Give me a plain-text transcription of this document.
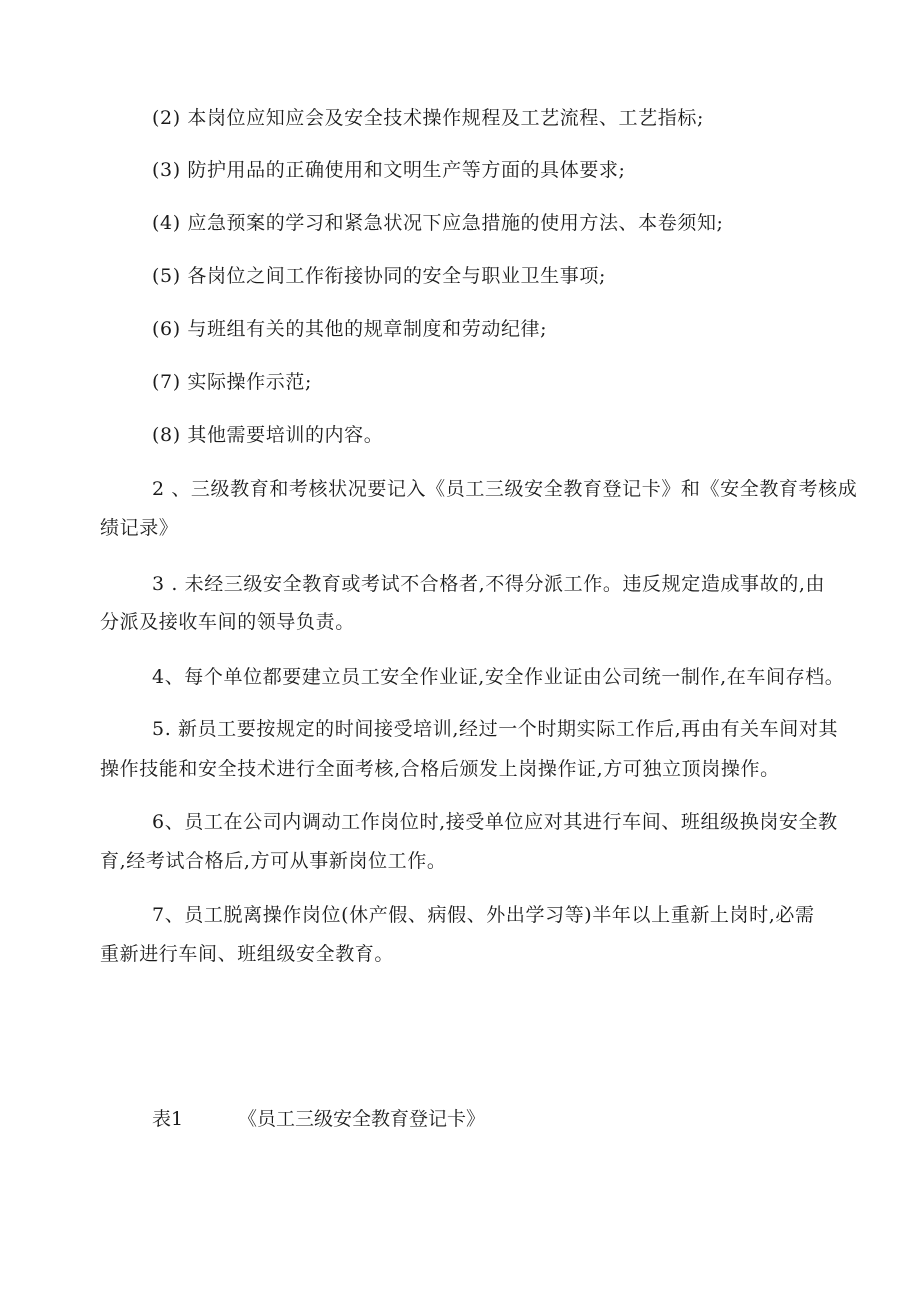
(2) 本岗位应知应会及安全技术操作规程及工艺流程、工艺指标;
(3) 防护用品的正确使用和文明生产等方面的具体要求;
(4) 应急预案的学习和紧急状况下应急措施的使用方法、本卷须知;
(5) 各岗位之间工作衔接协同的安全与职业卫生事项;
(6) 与班组有关的其他的规章制度和劳动纪律;
(7) 实际操作示范;
(8) 其他需要培训的内容。
2 、三级教育和考核状况要记入《员工三级安全教育登记卡》和《安全教育考核成
绩记录》
3 . 未经三级安全教育或考试不合格者,不得分派工作。违反规定造成事故的,由
分派及接收车间的领导负责。
4、每个单位都要建立员工安全作业证,安全作业证由公司统一制作,在车间存档。
5. 新员工要按规定的时间接受培训,经过一个时期实际工作后,再由有关车间对其
操作技能和安全技术进行全面考核,合格后颁发上岗操作证,方可独立顶岗操作。
6、员工在公司内调动工作岗位时,接受单位应对其进行车间、班组级换岗安全教
育,经考试合格后,方可从事新岗位工作。
7、员工脱离操作岗位(休产假、病假、外出学习等)半年以上重新上岗时,必需
重新进行车间、班组级安全教育。
表1	《员工三级安全教育登记卡》
